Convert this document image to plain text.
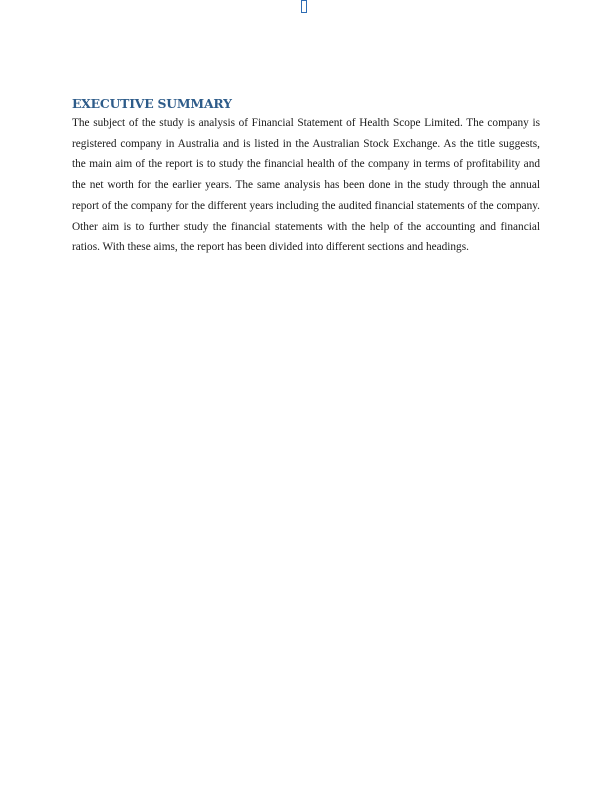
EXECUTIVE SUMMARY

The subject of the study is analysis of Financial Statement of Health Scope Limited. The company is registered company in Australia and is listed in the Australian Stock Exchange. As the title suggests, the main aim of the report is to study the financial health of the company in terms of profitability and the net worth for the earlier years. The same analysis has been done in the study through the annual report of the company for the different years including the audited financial statements of the company. Other aim is to further study the financial statements with the help of the accounting and financial ratios. With these aims, the report has been divided into different sections and headings.
